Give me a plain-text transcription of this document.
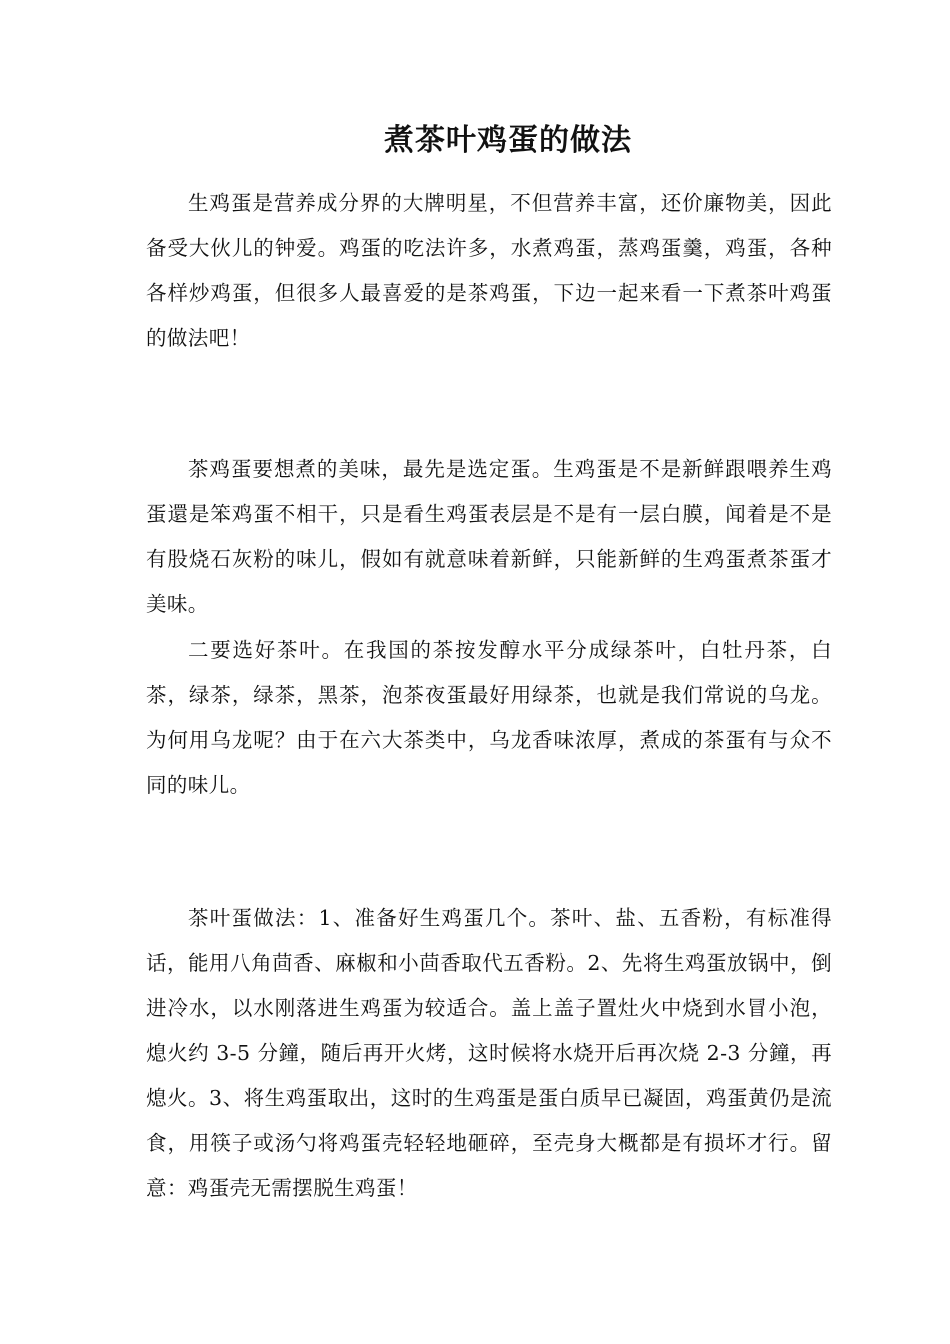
煮茶叶鸡蛋的做法

生鸡蛋是营养成分界的大牌明星，不但营养丰富，还价廉物美，因此备受大伙儿的钟爱。鸡蛋的吃法许多，水煮鸡蛋，蒸鸡蛋羹，鸡蛋，各种各样炒鸡蛋，但很多人最喜爱的是茶鸡蛋，下边一起来看一下煮茶叶鸡蛋的做法吧！

茶鸡蛋要想煮的美味，最先是选定蛋。生鸡蛋是不是新鲜跟喂养生鸡蛋還是笨鸡蛋不相干，只是看生鸡蛋表层是不是有一层白膜，闻着是不是有股烧石灰粉的味儿，假如有就意味着新鲜，只能新鲜的生鸡蛋煮茶蛋才美味。

二要选好茶叶。在我国的茶按发醇水平分成绿茶叶，白牡丹茶，白茶，绿茶，绿茶，黑茶，泡茶夜蛋最好用绿茶，也就是我们常说的乌龙。为何用乌龙呢？由于在六大茶类中，乌龙香味浓厚，煮成的茶蛋有与众不同的味儿。

茶叶蛋做法：1、准备好生鸡蛋几个。茶叶、盐、五香粉，有标准得话，能用八角茴香、麻椒和小茴香取代五香粉。2、先将生鸡蛋放锅中，倒进冷水，以水刚落进生鸡蛋为较适合。盖上盖子置灶火中烧到水冒小泡，熄火约 3-5 分鐘，随后再开火烤，这时候将水烧开后再次烧 2-3 分鐘，再熄火。3、将生鸡蛋取出，这时的生鸡蛋是蛋白质早已凝固，鸡蛋黄仍是流食，用筷子或汤勺将鸡蛋壳轻轻地砸碎，至壳身大概都是有损坏才行。留意：鸡蛋壳无需摆脱生鸡蛋！
